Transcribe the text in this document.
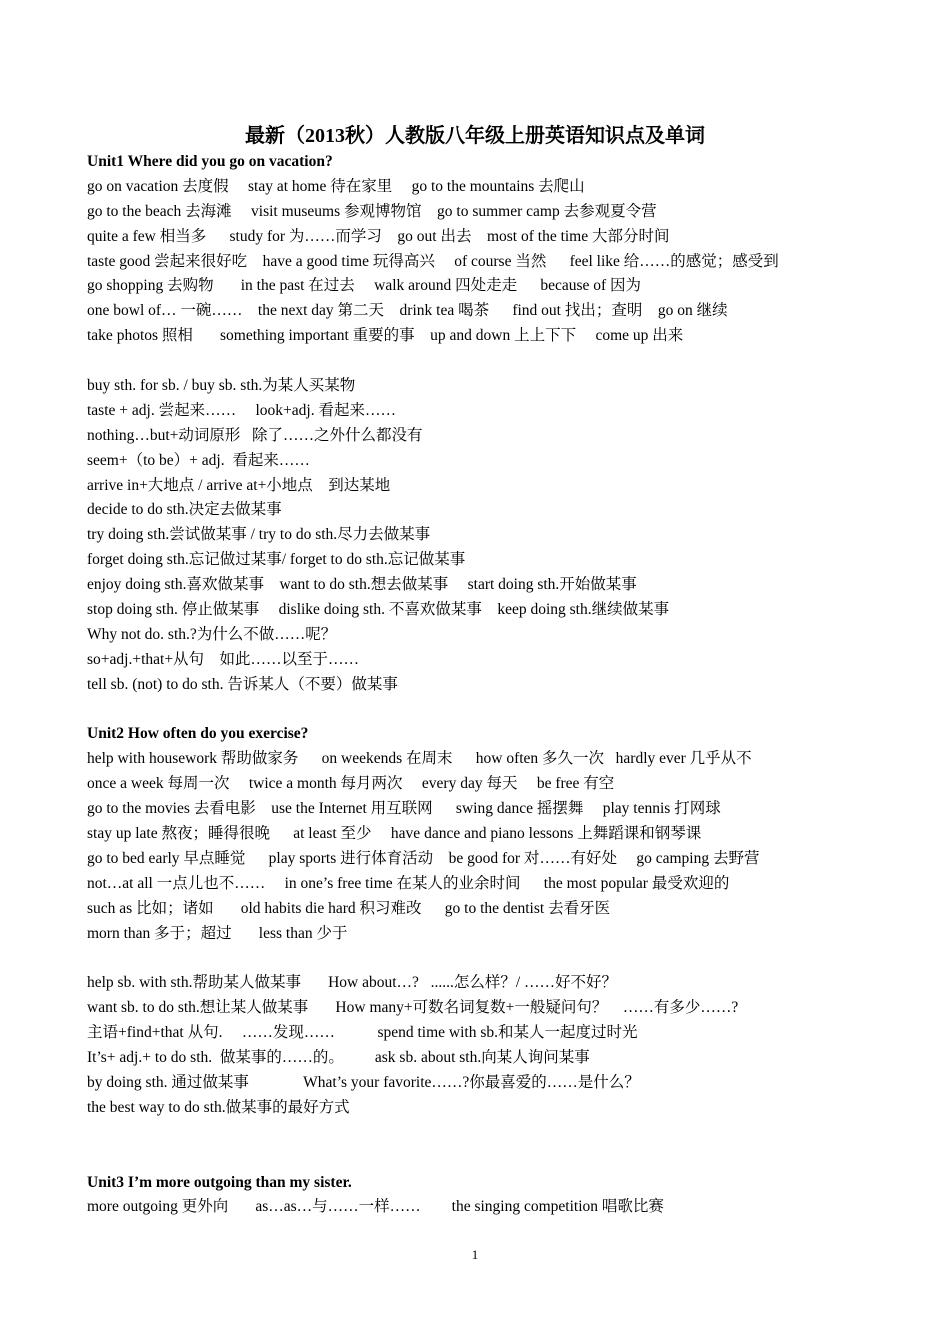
最新（2013秋）人教版八年级上册英语知识点及单词
Unit1 Where did you go on vacation?
go on vacation 去度假     stay at home 待在家里     go to the mountains 去爬山
go to the beach 去海滩     visit museums 参观博物馆    go to summer camp 去参观夏令营
quite a few 相当多      study for 为……而学习    go out 出去    most of the time 大部分时间
taste good 尝起来很好吃    have a good time 玩得高兴     of course 当然      feel like 给……的感觉；感受到
go shopping 去购物       in the past 在过去     walk around 四处走走      because of 因为
one bowl of… 一碗……    the next day 第二天    drink tea 喝茶      find out 找出；查明    go on 继续
take photos 照相       something important 重要的事    up and down 上上下下     come up 出来
buy sth. for sb. / buy sb. sth.为某人买某物
taste + adj. 尝起来……     look+adj. 看起来……
nothing…but+动词原形   除了……之外什么都没有
seem+（to be）+ adj.  看起来……
arrive in+大地点 / arrive at+小地点    到达某地
decide to do sth.决定去做某事
try doing sth.尝试做某事 / try to do sth.尽力去做某事
forget doing sth.忘记做过某事/ forget to do sth.忘记做某事
enjoy doing sth.喜欢做某事    want to do sth.想去做某事     start doing sth.开始做某事
stop doing sth. 停止做某事     dislike doing sth. 不喜欢做某事    keep doing sth.继续做某事
Why not do. sth.?为什么不做……呢？
so+adj.+that+从句    如此……以至于……
tell sb. (not) to do sth. 告诉某人（不要）做某事
Unit2 How often do you exercise?
help with housework 帮助做家务      on weekends 在周末      how often 多久一次   hardly ever 几乎从不
once a week 每周一次     twice a month 每月两次     every day 每天     be free 有空
go to the movies 去看电影    use the Internet 用互联网      swing dance 摇摆舞     play tennis 打网球
stay up late 熬夜；睡得很晚      at least 至少     have dance and piano lessons 上舞蹈课和钢琴课
go to bed early 早点睡觉      play sports 进行体育活动    be good for 对……有好处     go camping 去野营
not…at all 一点儿也不……     in one’s free time 在某人的业余时间      the most popular 最受欢迎的
such as 比如；诸如       old habits die hard 积习难改      go to the dentist 去看牙医
morn than 多于；超过       less than 少于
help sb. with sth.帮助某人做某事       How about…?   ......怎么样？/ ……好不好？
want sb. to do sth.想让某人做某事       How many+可数名词复数+一般疑问句？    ……有多少……?
主语+find+that 从句.     ……发现……           spend time with sb.和某人一起度过时光
It’s+ adj.+ to do sth.  做某事的……的。        ask sb. about sth.向某人询问某事
by doing sth. 通过做某事              What’s your favorite……?你最喜爱的……是什么？
the best way to do sth.做某事的最好方式
Unit3 I’m more outgoing than my sister.
more outgoing 更外向       as…as…与……一样……        the singing competition 唱歌比赛
1
